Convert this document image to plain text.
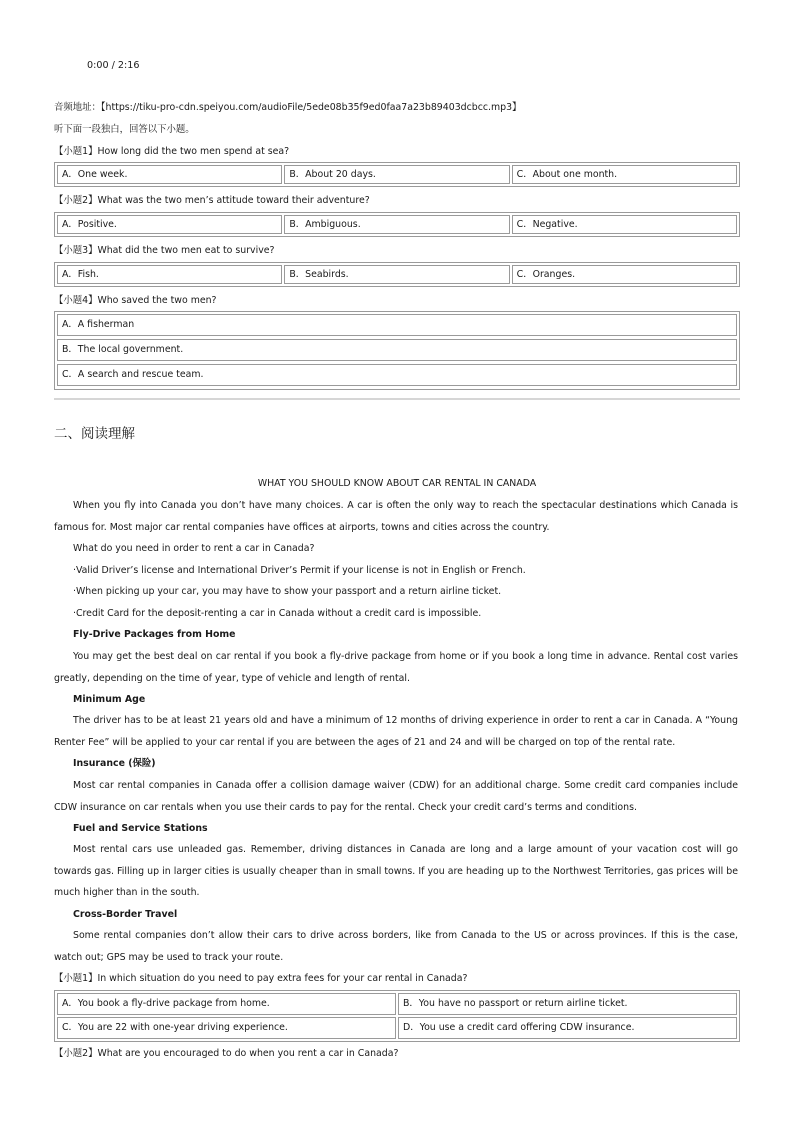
0:00 / 2:16
音频地址：【https://tiku-pro-cdn.speiyou.com/audioFile/5ede08b35f9ed0faa7a23b89403dcbcc.mp3】
听下面一段独白，回答以下小题。
【小题1】How long did the two men spend at sea?
A．One week.	B．About 20 days.	C．About one month.
【小题2】What was the two men’s attitude toward their adventure?
A．Positive.	B．Ambiguous.	C．Negative.
【小题3】What did the two men eat to survive?
A．Fish.	B．Seabirds.	C．Oranges.
【小题4】Who saved the two men?
A．A fisherman
B．The local government.
C．A search and rescue team.
二、阅读理解
WHAT YOU SHOULD KNOW ABOUT CAR RENTAL IN CANADA
When you fly into Canada you don’t have many choices. A car is often the only way to reach the spectacular destinations which Canada is famous for. Most major car rental companies have offices at airports, towns and cities across the country.
What do you need in order to rent a car in Canada?
·Valid Driver’s license and International Driver’s Permit if your license is not in English or French.
·When picking up your car, you may have to show your passport and a return airline ticket.
·Credit Card for the deposit-renting a car in Canada without a credit card is impossible.
Fly-Drive Packages from Home
You may get the best deal on car rental if you book a fly-drive package from home or if you book a long time in advance. Rental cost varies greatly, depending on the time of year, type of vehicle and length of rental.
Minimum Age
The driver has to be at least 21 years old and have a minimum of 12 months of driving experience in order to rent a car in Canada. A “Young Renter Fee” will be applied to your car rental if you are between the ages of 21 and 24 and will be charged on top of the rental rate.
Insurance (保险)
Most car rental companies in Canada offer a collision damage waiver (CDW) for an additional charge. Some credit card companies include CDW insurance on car rentals when you use their cards to pay for the rental. Check your credit card’s terms and conditions.
Fuel and Service Stations
Most rental cars use unleaded gas. Remember, driving distances in Canada are long and a large amount of your vacation cost will go towards gas. Filling up in larger cities is usually cheaper than in small towns. If you are heading up to the Northwest Territories, gas prices will be much higher than in the south.
Cross-Border Travel
Some rental companies don’t allow their cars to drive across borders, like from Canada to the US or across provinces. If this is the case, watch out; GPS may be used to track your route.
【小题1】In which situation do you need to pay extra fees for your car rental in Canada?
A．You book a fly-drive package from home.	B．You have no passport or return airline ticket.
C．You are 22 with one-year driving experience.	D．You use a credit card offering CDW insurance.
【小题2】What are you encouraged to do when you rent a car in Canada?
